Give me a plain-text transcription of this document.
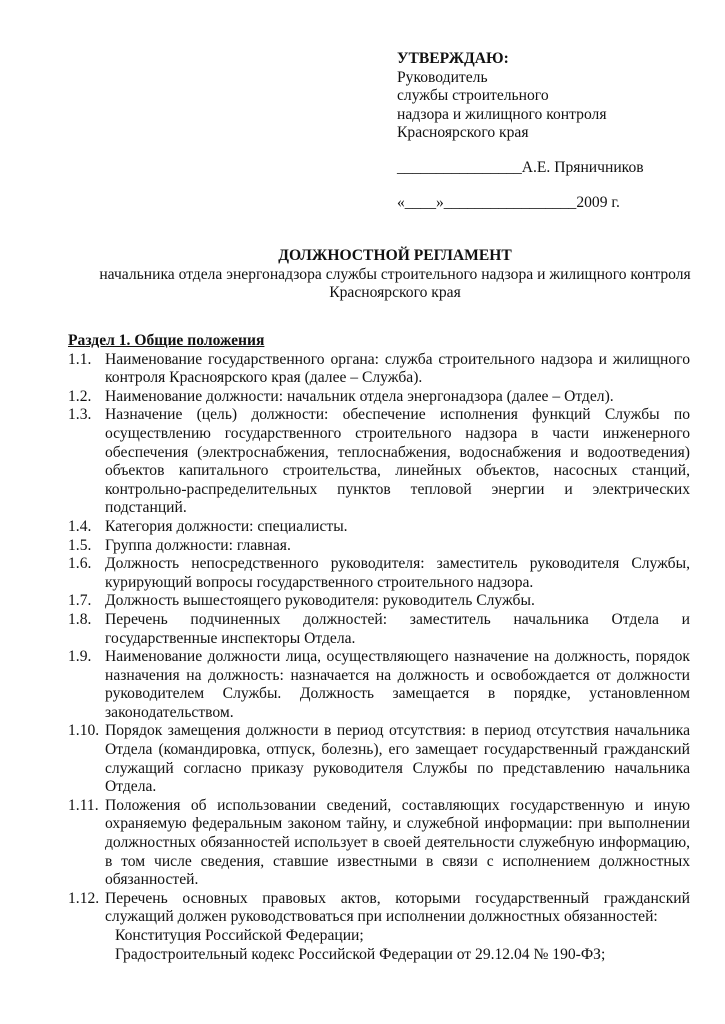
УТВЕРЖДАЮ:
Руководитель
службы строительного
надзора и жилищного контроля
Красноярского края
________________А.Е. Пряничников
«____»_________________2009 г.
ДОЛЖНОСТНОЙ РЕГЛАМЕНТ
начальника отдела энергонадзора службы строительного надзора и жилищного контроля Красноярского края
Раздел 1. Общие положения
1.1. Наименование государственного органа: служба строительного надзора и жилищного контроля Красноярского края (далее – Служба).
1.2. Наименование должности: начальник отдела энергонадзора (далее – Отдел).
1.3. Назначение (цель) должности: обеспечение исполнения функций Службы по осуществлению государственного строительного надзора в части инженерного обеспечения (электроснабжения, теплоснабжения, водоснабжения и водоотведения) объектов капитального строительства, линейных объектов, насосных станций, контрольно-распределительных пунктов тепловой энергии и электрических подстанций.
1.4. Категория должности: специалисты.
1.5. Группа должности: главная.
1.6. Должность непосредственного руководителя: заместитель руководителя Службы, курирующий вопросы государственного строительного надзора.
1.7. Должность вышестоящего руководителя: руководитель Службы.
1.8. Перечень подчиненных должностей: заместитель начальника Отдела и государственные инспекторы Отдела.
1.9. Наименование должности лица, осуществляющего назначение на должность, порядок назначения на должность: назначается на должность и освобождается от должности руководителем Службы. Должность замещается в порядке, установленном законодательством.
1.10. Порядок замещения должности в период отсутствия: в период отсутствия начальника Отдела (командировка, отпуск, болезнь), его замещает государственный гражданский служащий согласно приказу руководителя Службы по представлению начальника Отдела.
1.11. Положения об использовании сведений, составляющих государственную и иную охраняемую федеральным законом тайну, и служебной информации: при выполнении должностных обязанностей использует в своей деятельности служебную информацию, в том числе сведения, ставшие известными в связи с исполнением должностных обязанностей.
1.12. Перечень основных правовых актов, которыми государственный гражданский служащий должен руководствоваться при исполнении должностных обязанностей:
Конституция Российской Федерации;
Градостроительный кодекс Российской Федерации от 29.12.04 № 190-ФЗ;
